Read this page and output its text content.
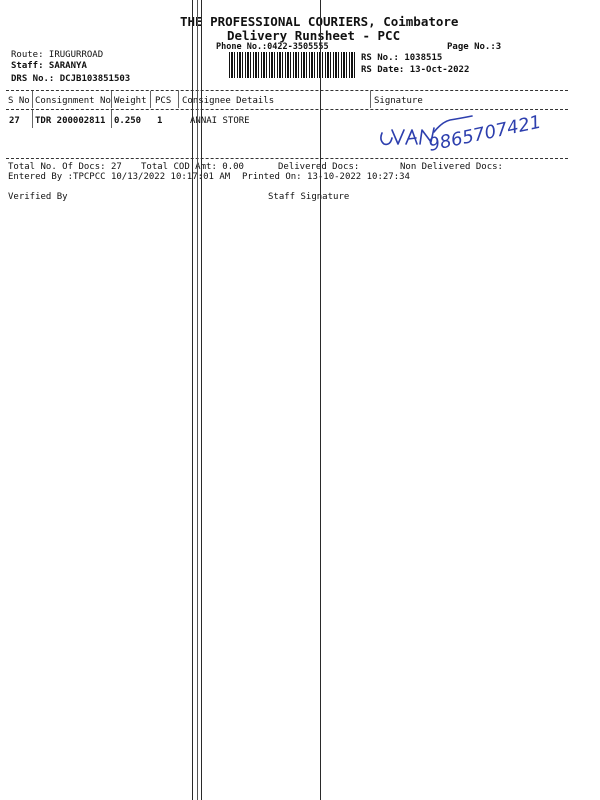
THE PROFESSIONAL COURIERS, Coimbatore
Delivery Runsheet - PCC
Phone No.:0422-3505555	Page No.:3
Route: IRUGURROAD
Staff: SARANYA
DRS No.: DCJB103851503
RS No.: 1038515
RS Date: 13-Oct-2022
S No Consignment No Weight PCS Consignee Details	Signature
27 TDR 200002811 0.250 1	ANNAI STORE	9865707421
Total No. Of Docs: 27 Total COD Amt: 0.00	Delivered Docs:	Non Delivered Docs:
Entered By :TPCPCC 10/13/2022 10:17:01 AM Printed On: 13-10-2022 10:27:34
Verified By	Staff Signature
